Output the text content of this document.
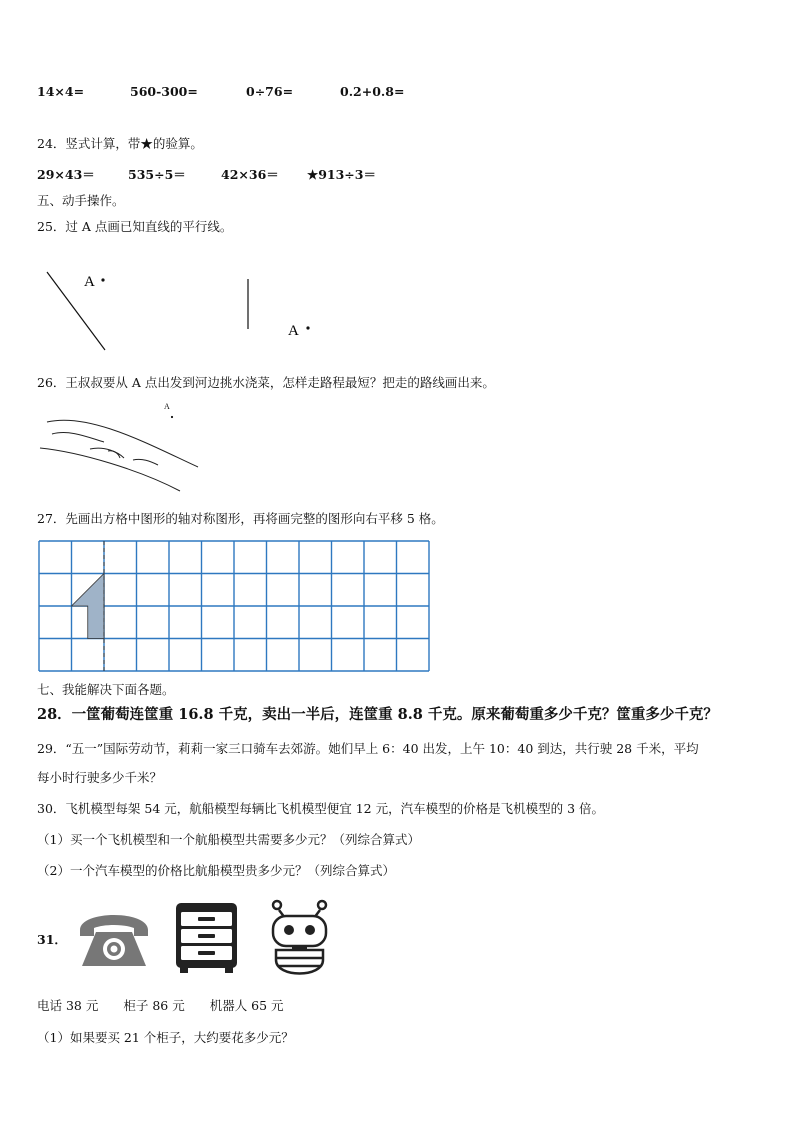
14×4=	560-300=	0÷76=	0.2+0.8=
24．竖式计算，带★的验算。
29×43＝	535÷5＝	42×36＝ ★913÷3＝
五、动手操作。
25．过 A 点画已知直线的平行线。
26．王叔叔要从 A 点出发到河边挑水浇菜，怎样走路程最短？把走的路线画出来。
27．先画出方格中图形的轴对称图形，再将画完整的图形向右平移 5 格。
七、我能解决下面各题。
28．一筐葡萄连筐重 16.8 千克，卖出一半后，连筐重 8.8 千克。原来葡萄重多少千克？筐重多少千克？
29．“五一”国际劳动节，莉莉一家三口骑车去郊游。她们早上 6：40 出发，上午 10：40 到达，共行驶 28 千米，平均
每小时行驶多少千米？
30．飞机模型每架 54 元，航船模型每辆比飞机模型便宜 12 元，汽车模型的价格是飞机模型的 3 倍。
（1）买一个飞机模型和一个航船模型共需要多少元？（列综合算式）
（2）一个汽车模型的价格比航船模型贵多少元？（列综合算式）
31．
电话 38 元　　柜子 86 元　　机器人 65 元
（1）如果要买 21 个柜子，大约要花多少元？
A
A
A
